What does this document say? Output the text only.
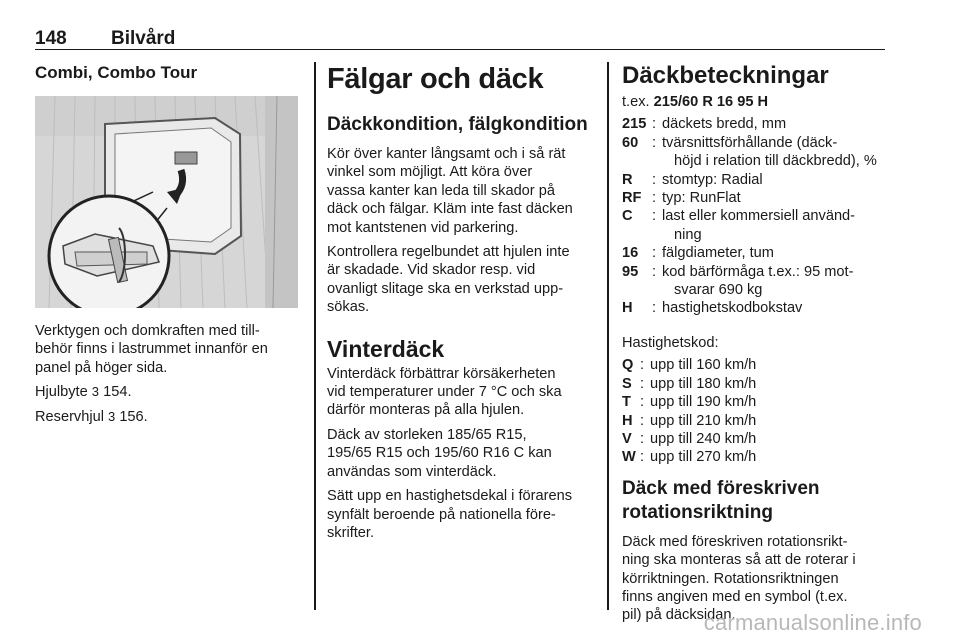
148 Bilvård
Combi, Combo Tour
Verktygen och domkraften med till-
behör finns i lastrummet innanför en
panel på höger sida.
Hjulbyte 3 154.
Reservhjul 3 156.
Fälgar och däck
Däckkondition, fälgkondition
Kör över kanter långsamt och i så rät
vinkel som möjligt. Att köra över
vassa kanter kan leda till skador på
däck och fälgar. Kläm inte fast däcken
mot kantstenen vid parkering.
Kontrollera regelbundet att hjulen inte
är skadade. Vid skador resp. vid
ovanligt slitage ska en verkstad upp-
sökas.
Vinterdäck
Vinterdäck förbättrar körsäkerheten
vid temperaturer under 7 °C och ska
därför monteras på alla hjulen.
Däck av storleken 185/65 R15,
195/65 R15 och 195/60 R16 C kan
användas som vinterdäck.
Sätt upp en hastighetsdekal i förarens
synfält beroende på nationella före-
skrifter.
Däckbeteckningar
t.ex. 215/60 R 16 95 H
215	:	däckets bredd, mm
60	:	tvärsnittsförhållande (däck-
höjd i relation till däckbredd), %

R	:	stomtyp: Radial
RF	:	typ: RunFlat
C	:	last eller kommersiell använd-
ning

16	:	fälgdiameter, tum
95	:	kod bärförmåga t.ex.: 95 mot-
svarar 690 kg

H	:	hastighetskodbokstav
Hastighetskod:
Q	:	upp till 160 km/h
S	:	upp till 180 km/h
T	:	upp till 190 km/h
H	:	upp till 210 km/h
V	:	upp till 240 km/h
W	:	upp till 270 km/h
Däck med föreskriven
rotationsriktning
Däck med föreskriven rotationsrikt-
ning ska monteras så att de roterar i
körriktningen. Rotationsriktningen
finns angiven med en symbol (t.ex.
pil) på däcksidan.
carmanualsonline.info
